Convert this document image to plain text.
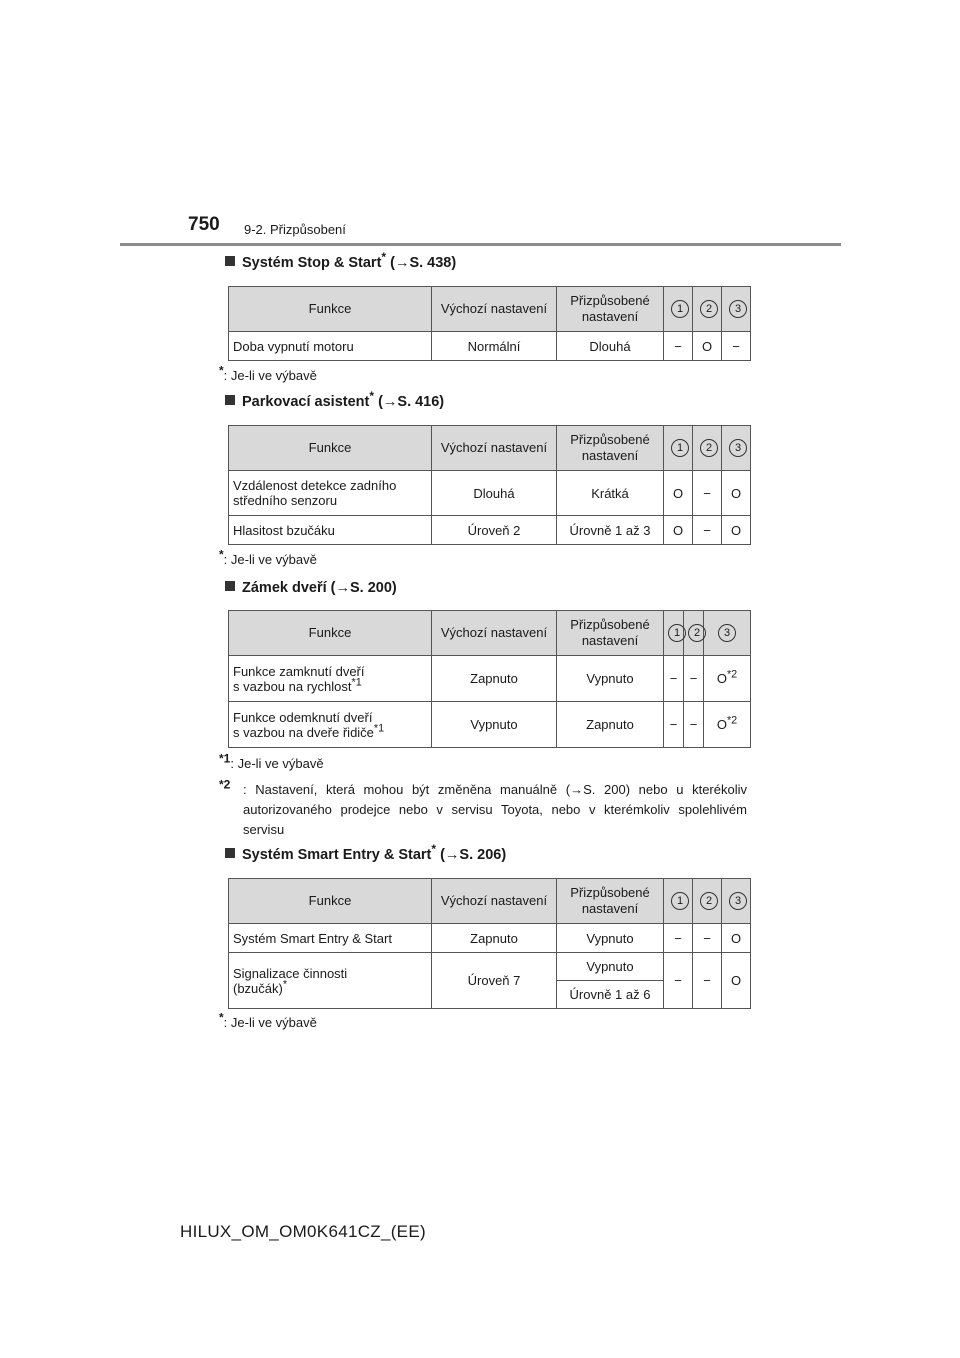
750 9-2. Přizpůsobení
Systém Stop & Start* (→S. 438)
Funkce	Výchozí nastavení	Přizpůsobené nastavení	1	2	3
Doba vypnutí motoru	Normální	Dlouhá	−	O	−
*: Je-li ve výbavě
Parkovací asistent* (→S. 416)
Funkce	Výchozí nastavení	Přizpůsobené nastavení	1	2	3
Vzdálenost detekce zadního středního senzoru	Dlouhá	Krátká	O	−	O
Hlasitost bzučáku	Úroveň 2	Úrovně 1 až 3	O	−	O
*: Je-li ve výbavě
Zámek dveří (→S. 200)
Funkce	Výchozí nastavení	Přizpůsobené nastavení	1	2	3
Funkce zamknutí dveří
s vazbou na rychlost$^{*1}$	Zapnuto	Vypnuto	−	−	$O^{*2}$
Funkce odemknutí dveří
s vazbou na dveře řidiče$^{*1}$	Vypnuto	Zapnuto	−	−	$O^{*2}$
$^{*1}$: Je-li ve výbavě
$^{*2}$ : Nastavení, která mohou být změněna manuálně (→S. 200) nebo u kterékoliv autorizovaného prodejce nebo v servisu Toyota, nebo v kterémkoliv spolehlivém servisu
Systém Smart Entry & Start* (→S. 206)
Funkce	Výchozí nastavení	Přizpůsobené nastavení	1	2	3
Systém Smart Entry & Start	Zapnuto	Vypnuto	−	−	O
Signalizace činnosti
(bzučák)*	Úroveň 7	Vypnuto	−	−	O
		Úrovně 1 až 6			
*: Je-li ve výbavě
HILUX_OM_OM0K641CZ_(EE)
